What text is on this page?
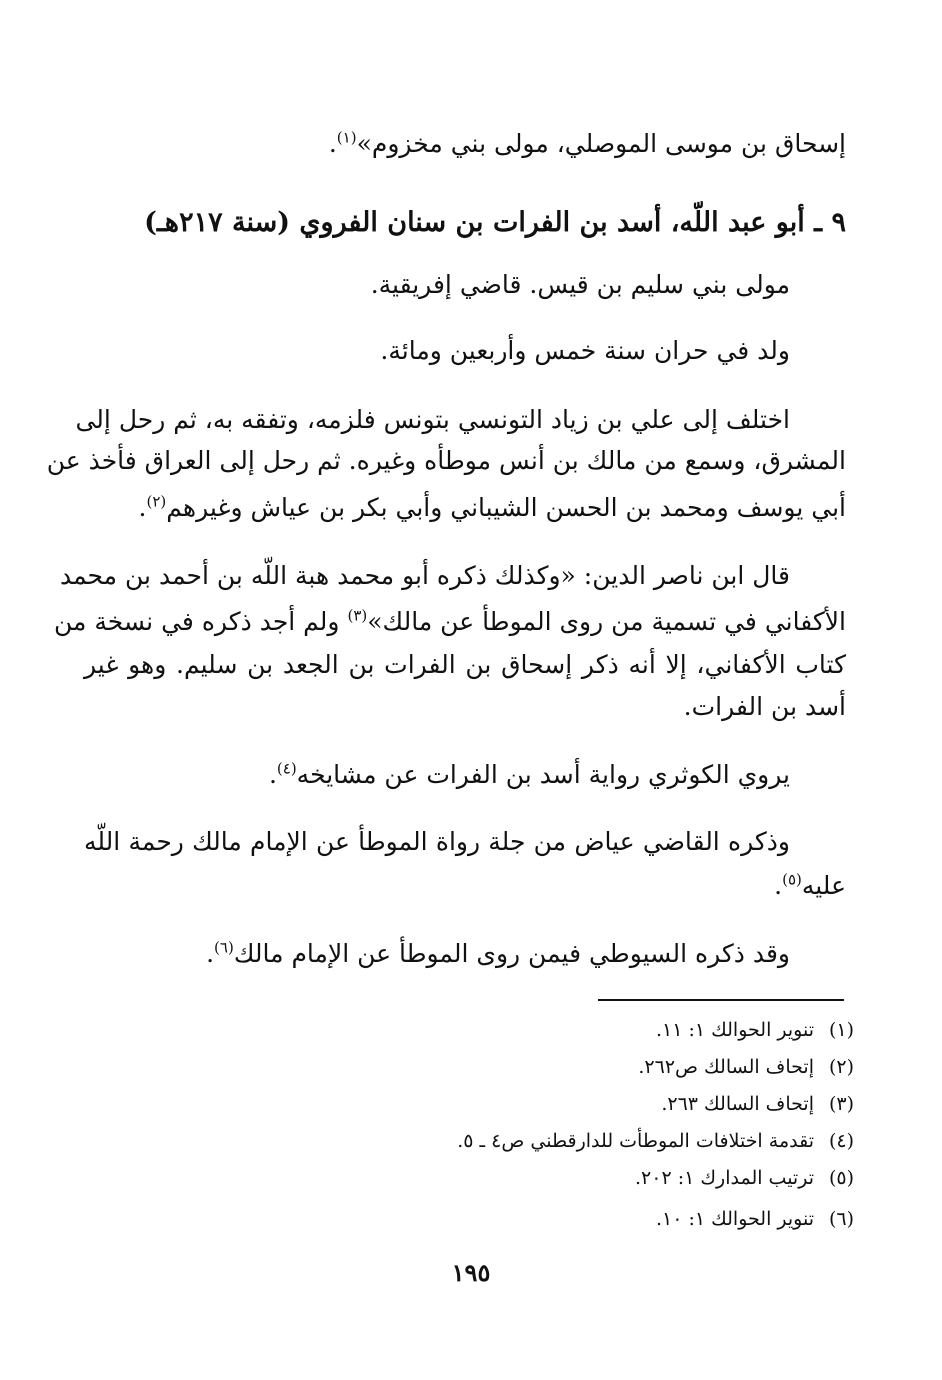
إسحاق بن موسى الموصلي، مولى بني مخزوم»$^{(١)}$.
٩ ـ أبو عبد اللّه، أسد بن الفرات بن سنان الفروي (سنة ٢١٧هـ)
مولى بني سليم بن قيس. قاضي إفريقية.
ولد في حران سنة خمس وأربعين ومائة.
اختلف إلى علي بن زياد التونسي بتونس فلزمه، وتفقه به، ثم رحل إلى
المشرق، وسمع من مالك بن أنس موطأه وغيره. ثم رحل إلى العراق فأخذ عن
أبي يوسف ومحمد بن الحسن الشيباني وأبي بكر بن عياش وغيرهم$^{(٢)}$.
قال ابن ناصر الدين: «وكذلك ذكره أبو محمد هبة اللّه بن أحمد بن محمد
الأكفاني في تسمية من روى الموطأ عن مالك»$^{(٣)}$ ولم أجد ذكره في نسخة من
كتاب الأكفاني، إلا أنه ذكر إسحاق بن الفرات بن الجعد بن سليم. وهو غير
أسد بن الفرات.
يروي الكوثري رواية أسد بن الفرات عن مشايخه$^{(٤)}$.
وذكره القاضي عياض من جلة رواة الموطأ عن الإمام مالك رحمة اللّه
عليه$^{(٥)}$.
وقد ذكره السيوطي فيمن روى الموطأ عن الإمام مالك$^{(٦)}$.
(١)تنوير الحوالك ١: ١١.
(٢)إتحاف السالك ص٢٦٢.
(٣)إتحاف السالك ٢٦٣.
(٤)تقدمة اختلافات الموطأت للدارقطني ص٤ ـ ٥.
(٥)ترتيب المدارك ١: ٢٠٢.
(٦)تنوير الحوالك ١: ١٠.
١٩٥
